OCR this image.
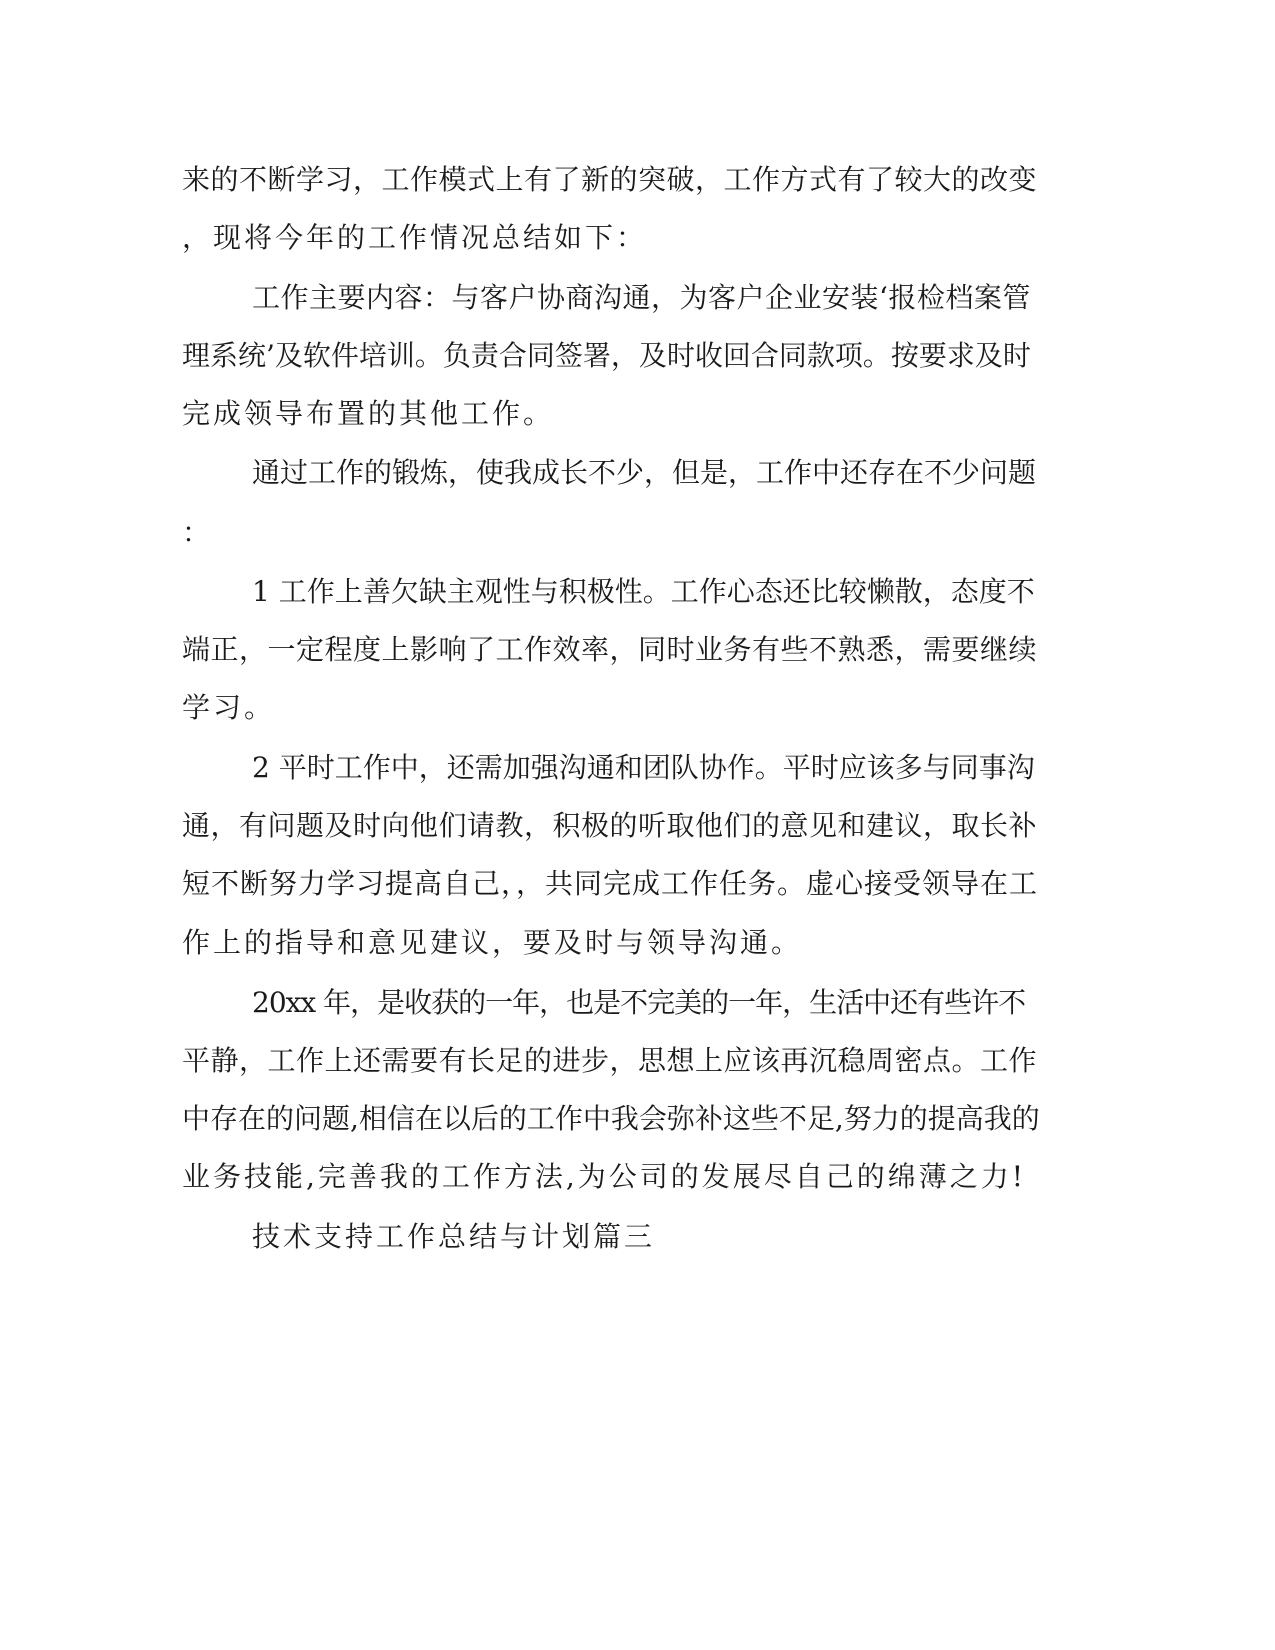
来的不断学习，工作模式上有了新的突破，工作方式有了较大的改变

，现将今年的工作情况总结如下：

工作主要内容：与客户协商沟通，为客户企业安装‘报检档案管

理系统’及软件培训。负责合同签署，及时收回合同款项。按要求及时

完成领导布置的其他工作。

通过工作的锻炼，使我成长不少，但是，工作中还存在不少问题

：

1 工作上善欠缺主观性与积极性。工作心态还比较懒散，态度不

端正，一定程度上影响了工作效率，同时业务有些不熟悉，需要继续

学习。

2 平时工作中，还需加强沟通和团队协作。平时应该多与同事沟

通，有问题及时向他们请教，积极的听取他们的意见和建议，取长补

短不断努力学习提高自己，，共同完成工作任务。虚心接受领导在工

作上的指导和意见建议，要及时与领导沟通。

20xx 年，是收获的一年，也是不完美的一年，生活中还有些许不

平静，工作上还需要有长足的进步，思想上应该再沉稳周密点。工作

中存在的问题,相信在以后的工作中我会弥补这些不足,努力的提高我的

业务技能,完善我的工作方法,为公司的发展尽自己的绵薄之力!

技术支持工作总结与计划篇三
